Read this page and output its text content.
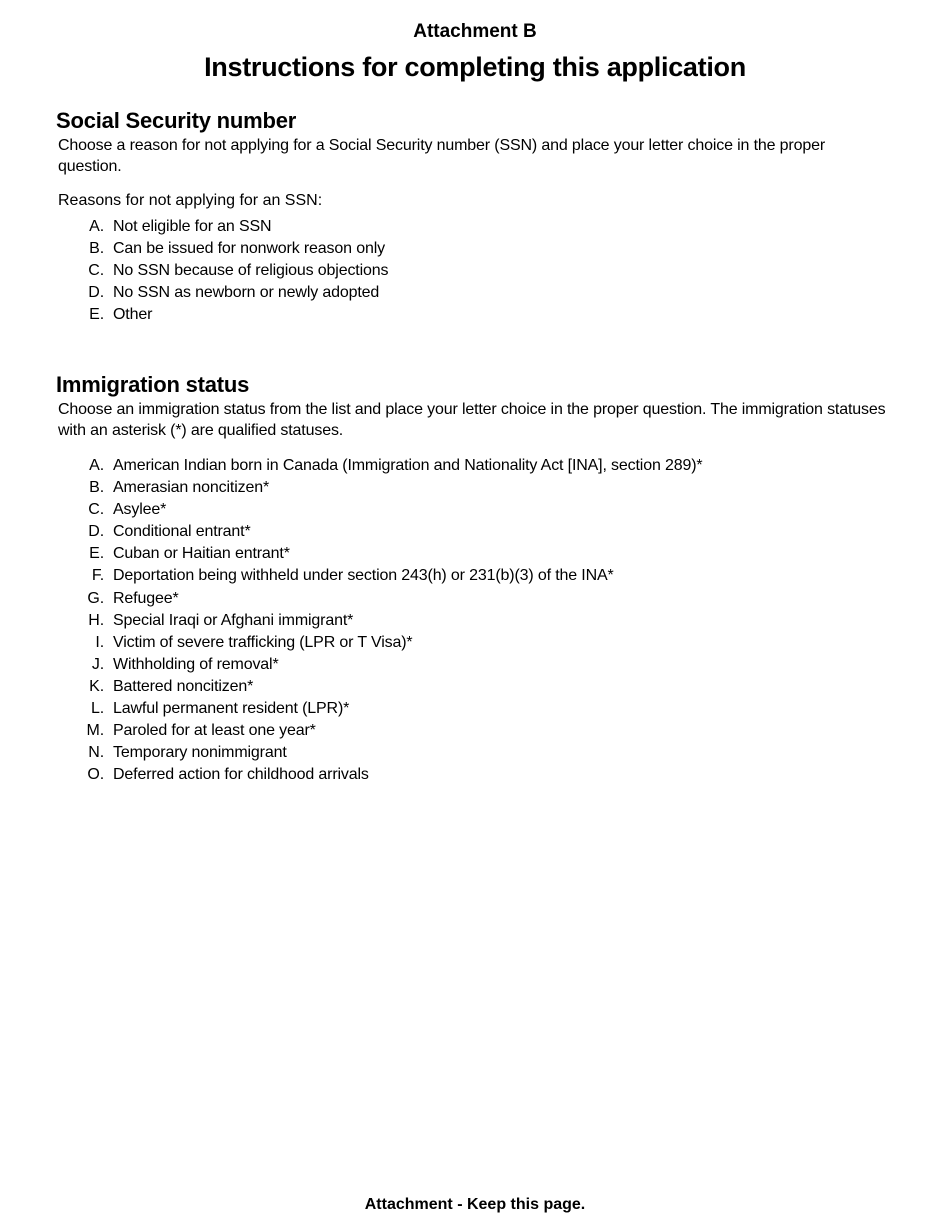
Attachment B
Instructions for completing this application
Social Security number

Choose a reason for not applying for a Social Security number (SSN) and place your letter choice in the proper question.

Reasons for not applying for an SSN:

A. Not eligible for an SSN
B. Can be issued for nonwork reason only
C. No SSN because of religious objections
D. No SSN as newborn or newly adopted
E. Other
Immigration status

Choose an immigration status from the list and place your letter choice in the proper question. The immigration statuses with an asterisk (*) are qualified statuses.

A. American Indian born in Canada (Immigration and Nationality Act [INA], section 289)*
B. Amerasian noncitizen*
C. Asylee*
D. Conditional entrant*
E. Cuban or Haitian entrant*
F. Deportation being withheld under section 243(h) or 231(b)(3) of the INA*
G. Refugee*
H. Special Iraqi or Afghani immigrant*
I. Victim of severe trafficking (LPR or T Visa)*
J. Withholding of removal*
K. Battered noncitizen*
L. Lawful permanent resident (LPR)*
M. Paroled for at least one year*
N. Temporary nonimmigrant
O. Deferred action for childhood arrivals
Attachment - Keep this page.
